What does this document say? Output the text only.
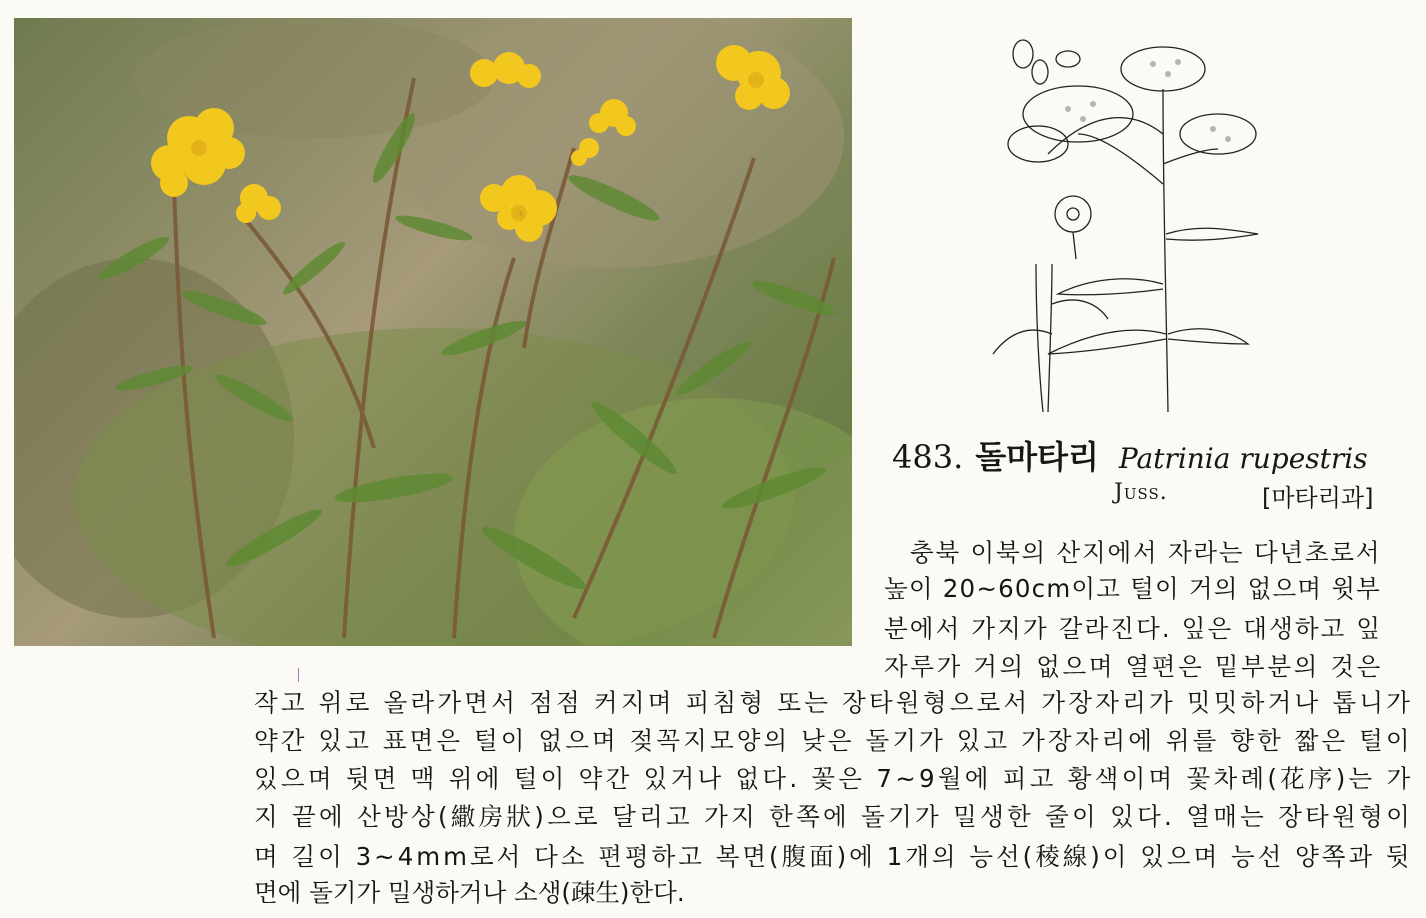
483. 돌마타리 Patrinia rupestris
Juss.	[마타리과]
충북 이북의 산지에서 자라는 다년초로서
높이 20~60cm이고 털이 거의 없으며 윗부
분에서 가지가 갈라진다. 잎은 대생하고 잎
자루가 거의 없으며 열편은 밑부분의 것은
작고 위로 올라가면서 점점 커지며 피침형 또는 장타원형으로서 가장자리가 밋밋하거나 톱니가
약간 있고 표면은 털이 없으며 젖꼭지모양의 낮은 돌기가 있고 가장자리에 위를 향한 짧은 털이
있으며 뒷면 맥 위에 털이 약간 있거나 없다. 꽃은 7~9월에 피고 황색이며 꽃차례(花序)는 가
지 끝에 산방상(繖房狀)으로 달리고 가지 한쪽에 돌기가 밀생한 줄이 있다. 열매는 장타원형이
며 길이 3~4mm로서 다소 편평하고 복면(腹面)에 1개의 능선(稜線)이 있으며 능선 양쪽과 뒷
면에 돌기가 밀생하거나 소생(疎生)한다.
